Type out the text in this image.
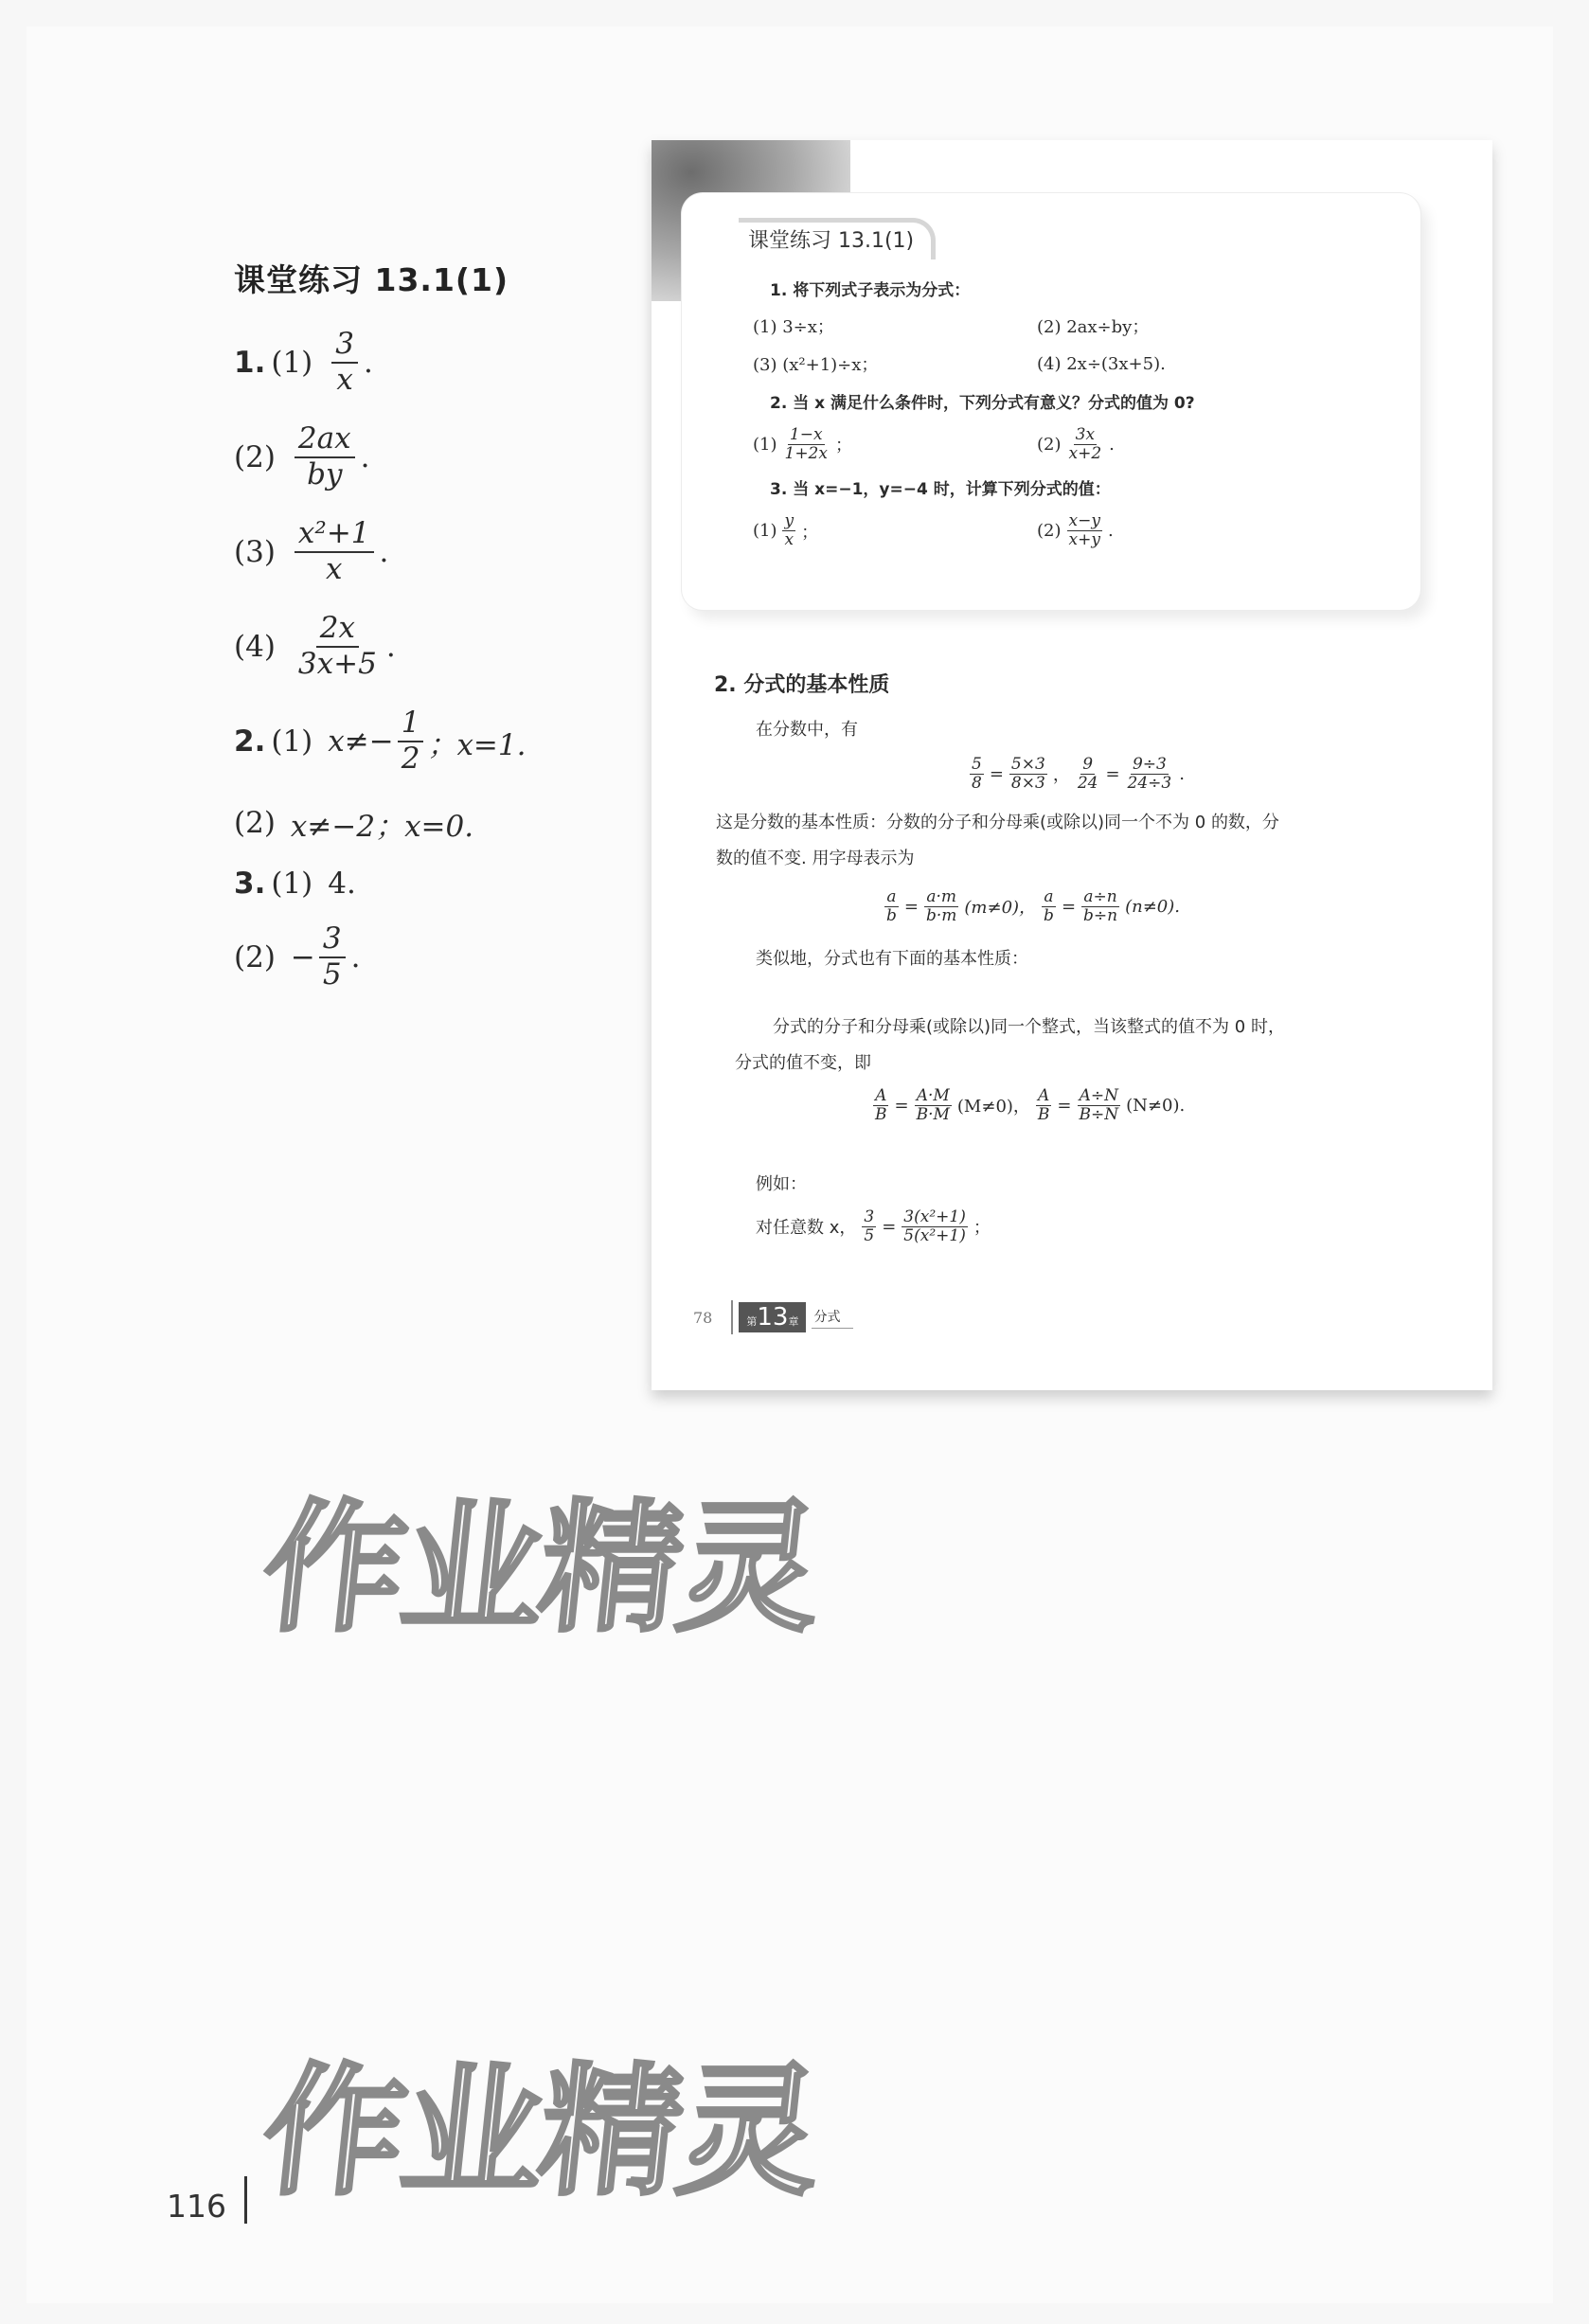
课堂练习 13.1(1)
1. $(1) \frac{3}{x}$ .
$(2) \frac{2ax}{by}$ .
$(3) \frac{\text{x²+1}}{x}$ .
$(4) \frac{2x}{3x+5}$ .
2. (1) $x\ne- \frac{1}{2}$ ；x=1.
(2) x≠−2；x=0.
3. (1) 4.
$(2) - \frac{3}{5}$ .
课堂练习 13.1(1)
1. 将下列式子表示为分式：
(1) 3÷x；	(2) 2ax÷by；
(3) (x²+1)÷x；	(4) 2x÷(3x+5).
2. 当 x 满足什么条件时，下列分式有意义？分式的值为 0?
$(1) \frac{1-x}{1+2x}$ ；	$(2) \frac{3x}{x+2}$ .
3. 当 x=−1，y=−4 时，计算下列分式的值：
$(1) \frac{y}{x}$ ；	$(2) \frac{x-y}{x+y}$ .
2. 分式的基本性质
在分数中，有
$\frac{5}{8} = \frac{5\times 3}{8\times 3}$ ， $\frac{9}{24} = \frac{9\div 3}{24\div 3}$ .
这是分数的基本性质：分数的分子和分母乘(或除以)同一个不为 0 的数，分
数的值不变. 用字母表示为
$\frac{a}{b} = \frac{a\cdot m}{b\cdot m} (m\ne 0)$， $\frac{a}{b} = \frac{a\div n}{b\div n} (n\ne 0)$.
类似地，分式也有下面的基本性质：
分式的分子和分母乘(或除以)同一个整式，当该整式的值不为 0 时，
分式的值不变，即
$\frac{A}{B} = \frac{A\cdot M}{B\cdot M} (M\ne 0)$， $\frac{A}{B} = \frac{A\div N}{B\div N} (N\ne 0)$.
例如：
对任意数 x， $\frac{3}{5} = \frac{\text{3(x²+1)}}{\text{5(x²+1)}}$ ；
78	第13章	分式
作业精灵
作业精灵
116
